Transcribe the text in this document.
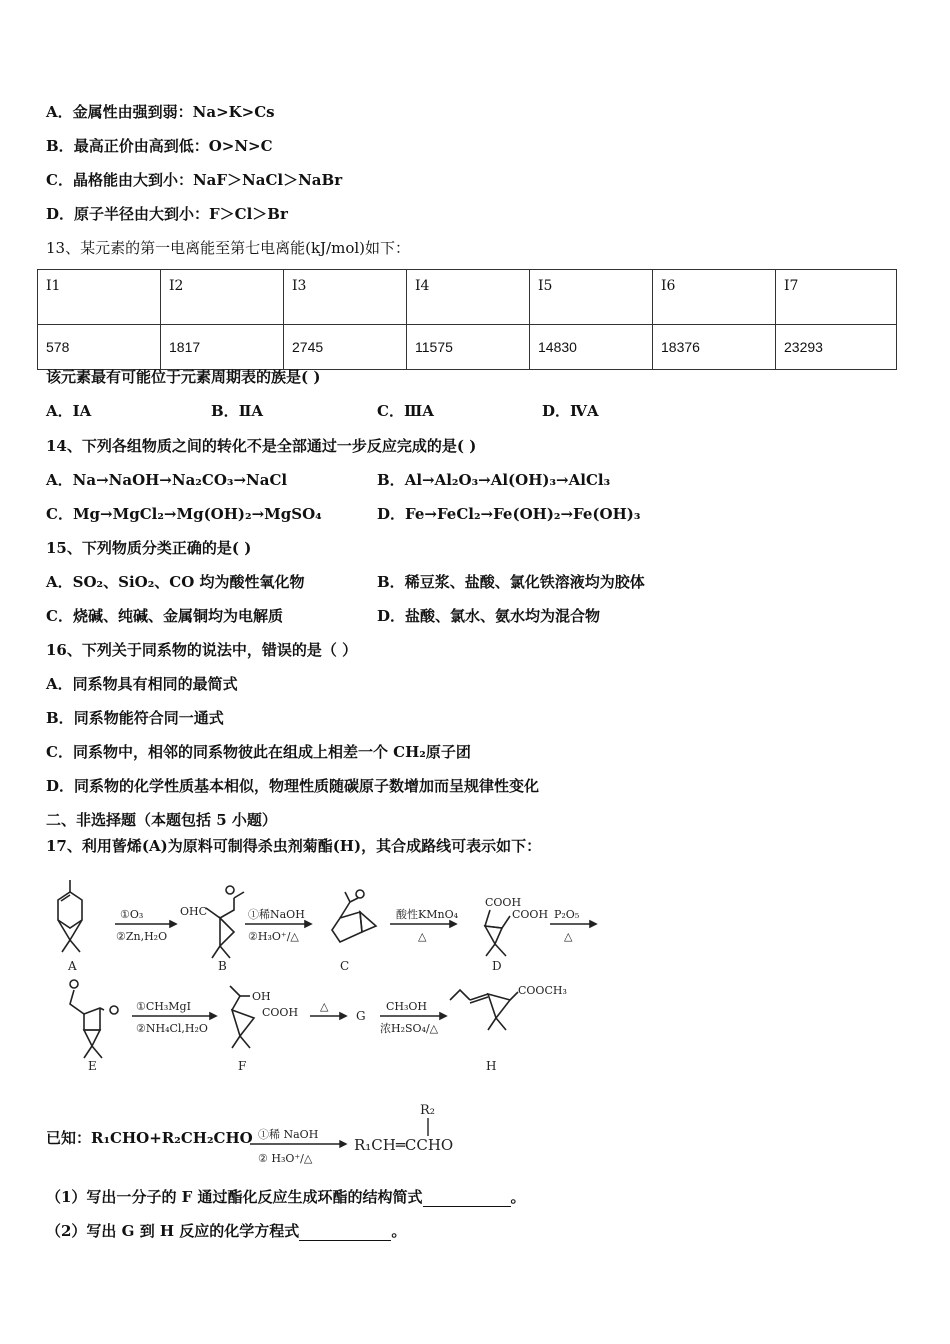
A．金属性由强到弱：Na>K>Cs
B．最高正价由高到低：O>N>C
C．晶格能由大到小：NaF＞NaCl＞NaBr
D．原子半径由大到小：F＞Cl＞Br
13、某元素的第一电离能至第七电离能(kJ/mol)如下：
I1	I2	I3	I4	I5	I6	I7
578	1817	2745	11575	14830	18376	23293
该元素最有可能位于元素周期表的族是( )
A．ⅠA	B．ⅡA	C．ⅢA	D．ⅣA
14、下列各组物质之间的转化不是全部通过一步反应完成的是( )
A．Na→NaOH→Na₂CO₃→NaCl	B．Al→Al₂O₃→Al(OH)₃→AlCl₃
C．Mg→MgCl₂→Mg(OH)₂→MgSO₄	D．Fe→FeCl₂→Fe(OH)₂→Fe(OH)₃
15、下列物质分类正确的是( )
A．SO₂、SiO₂、CO 均为酸性氧化物	B．稀豆浆、盐酸、氯化铁溶液均为胶体
C．烧碱、纯碱、金属铜均为电解质	D．盐酸、氯水、氨水均为混合物
16、下列关于同系物的说法中，错误的是（ ）
A．同系物具有相同的最简式
B．同系物能符合同一通式
C．同系物中，相邻的同系物彼此在组成上相差一个 CH₂原子团
D．同系物的化学性质基本相似，物理性质随碳原子数增加而呈规律性变化
二、非选择题（本题包括 5 小题）
17、利用蒈烯(A)为原料可制得杀虫剂菊酯(H)，其合成路线可表示如下：
A
①O₃
②Zn,H₂O
OHC
B
①稀NaOH
②H₃O⁺/△
C
酸性KMnO₄
△
COOH
COOH
D
P₂O₅
△
E
①CH₃MgI
②NH₄Cl,H₂O
OH
COOH
F
△
G
CH₃OH
浓H₂SO₄/△
COOCH₃
H
已知：R₁CHO+R₂CH₂CHO ①稀 NaOH
② H₃O⁺/△
R₂
R₁CH═CCHO
（1）写出一分子的 F 通过酯化反应生成环酯的结构简式	。
（2）写出 G 到 H 反应的化学方程式	。
